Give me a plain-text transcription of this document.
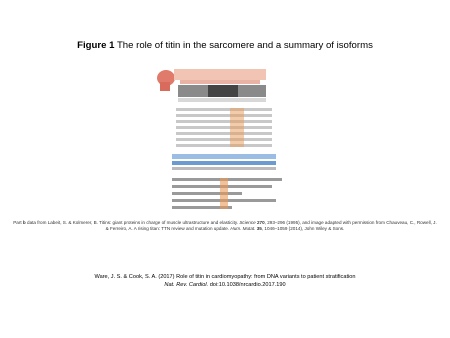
Figure 1 The role of titin in the sarcomere and a summary of isoforms
Part b data from Labeit, S. & Kolmerer, B. Titins: giant proteins in charge of muscle ultrastructure and elasticity. Science 270, 293–296 (1995), and image adapted with permission from Chauveau, C., Rowell, J. & Ferreiro, A. A rising titan: TTN review and mutation update. Hum. Mutat. 35, 1046–1059 (2014), John Wiley & Sons.
Ware, J. S. & Cook, S. A. (2017) Role of titin in cardiomyopathy: from DNA variants to patient stratification
Nat. Rev. Cardiol. doi:10.1038/nrcardio.2017.190
